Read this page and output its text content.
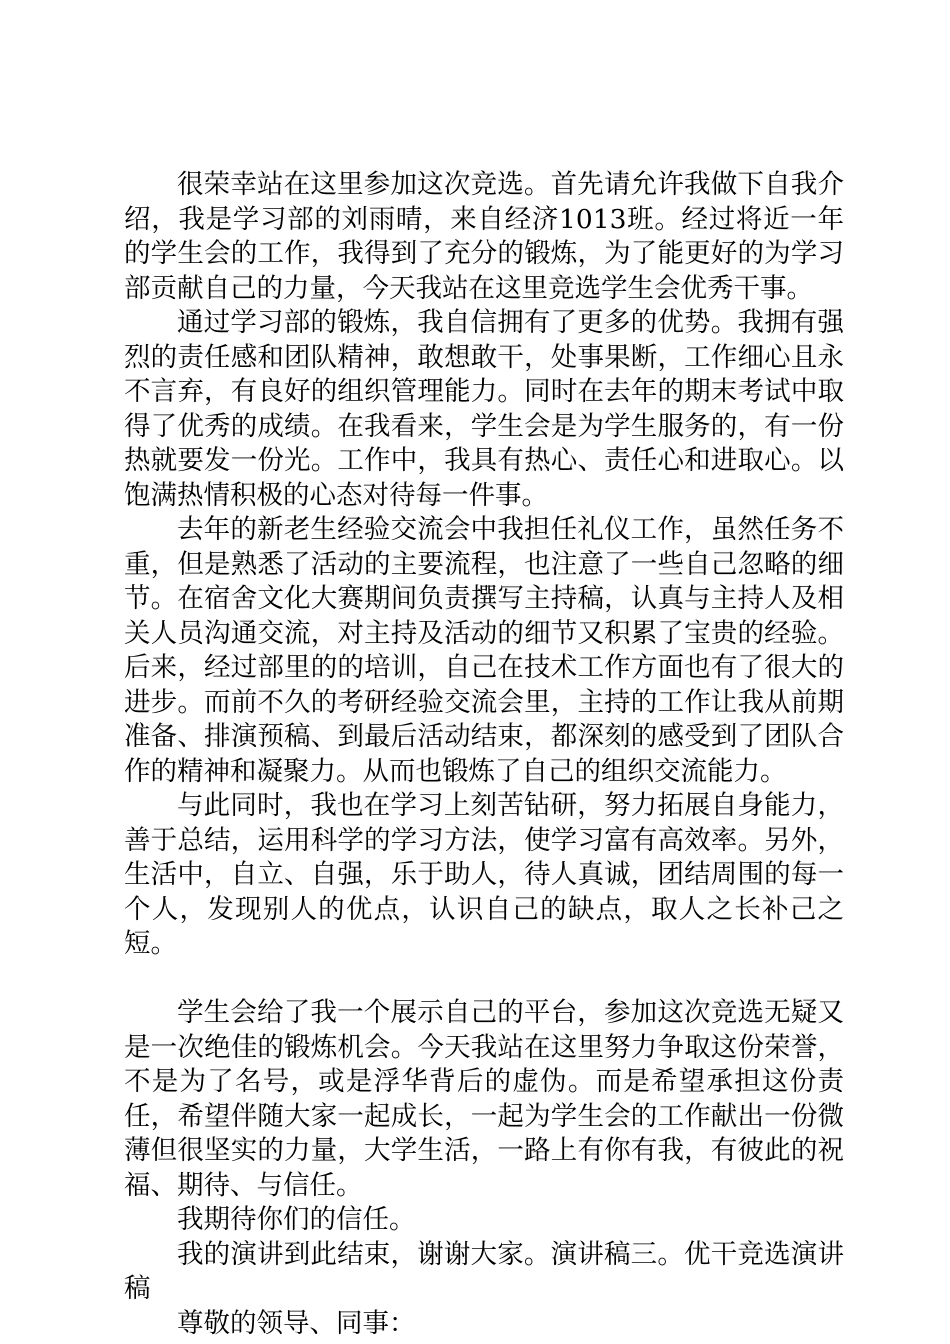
很荣幸站在这里参加这次竞选。首先请允许我做下自我介绍，我是学习部的刘雨晴，来自经济1013班。经过将近一年的学生会的工作，我得到了充分的锻炼，为了能更好的为学习部贡献自己的力量，今天我站在这里竞选学生会优秀干事。

通过学习部的锻炼，我自信拥有了更多的优势。我拥有强烈的责任感和团队精神，敢想敢干，处事果断，工作细心且永不言弃，有良好的组织管理能力。同时在去年的期末考试中取得了优秀的成绩。在我看来，学生会是为学生服务的，有一份热就要发一份光。工作中，我具有热心、责任心和进取心。以饱满热情积极的心态对待每一件事。

去年的新老生经验交流会中我担任礼仪工作，虽然任务不重，但是熟悉了活动的主要流程，也注意了一些自己忽略的细节。在宿舍文化大赛期间负责撰写主持稿，认真与主持人及相关人员沟通交流，对主持及活动的细节又积累了宝贵的经验。后来，经过部里的的培训，自己在技术工作方面也有了很大的进步。而前不久的考研经验交流会里，主持的工作让我从前期准备、排演预稿、到最后活动结束，都深刻的感受到了团队合作的精神和凝聚力。从而也锻炼了自己的组织交流能力。

与此同时，我也在学习上刻苦钻研，努力拓展自身能力，善于总结，运用科学的学习方法，使学习富有高效率。另外，生活中，自立、自强，乐于助人，待人真诚，团结周围的每一个人，发现别人的优点，认识自己的缺点，取人之长补己之短。

学生会给了我一个展示自己的平台，参加这次竞选无疑又是一次绝佳的锻炼机会。今天我站在这里努力争取这份荣誉，不是为了名号，或是浮华背后的虚伪。而是希望承担这份责任，希望伴随大家一起成长，一起为学生会的工作献出一份微薄但很坚实的力量，大学生活，一路上有你有我，有彼此的祝福、期待、与信任。

我期待你们的信任。

我的演讲到此结束，谢谢大家。演讲稿三。优干竞选演讲稿

尊敬的领导、同事：
